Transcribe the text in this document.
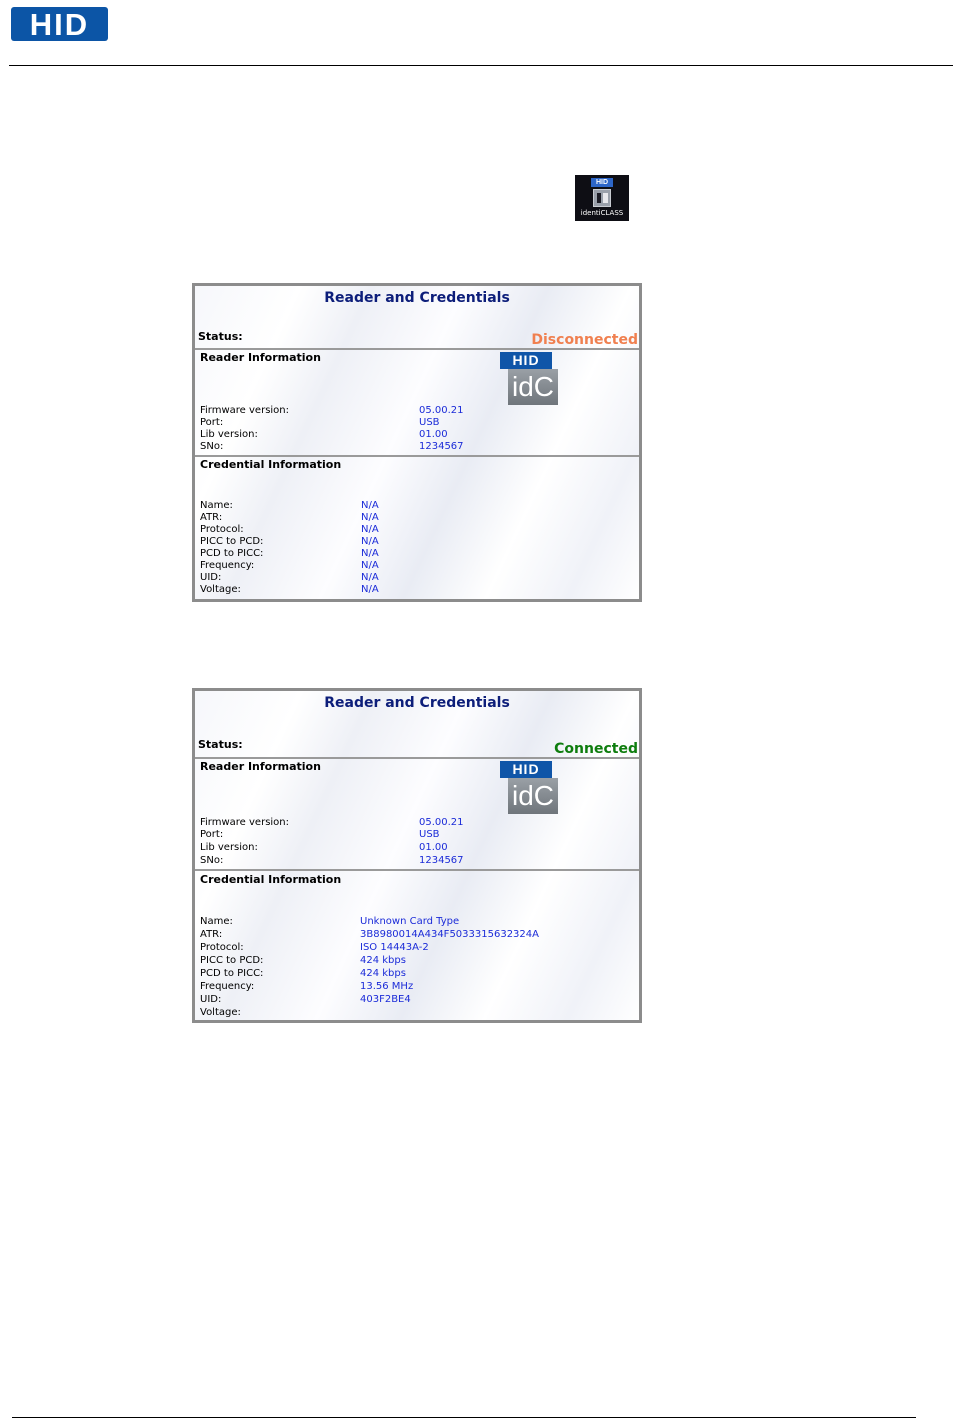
HID
HID
identiCLASS
Reader and Credentials
Status:	Disconnected
Reader Information	HID
idC
Firmware version:	05.00.21
Port:	USB
Lib version:	01.00
SNo:	1234567
Credential Information
Name:	N/A
ATR:	N/A
Protocol:	N/A
PICC to PCD:	N/A
PCD to PICC:	N/A
Frequency:	N/A
UID:	N/A
Voltage:	N/A
Reader and Credentials
Status:	Connected
Reader Information	HID
idC
Firmware version:	05.00.21
Port:	USB
Lib version:	01.00
SNo:	1234567
Credential Information
Name:	Unknown Card Type
ATR:	3B8980014A434F5033315632324A
Protocol:	ISO 14443A-2
PICC to PCD:	424 kbps
PCD to PICC:	424 kbps
Frequency:	13.56 MHz
UID:	403F2BE4
Voltage:
